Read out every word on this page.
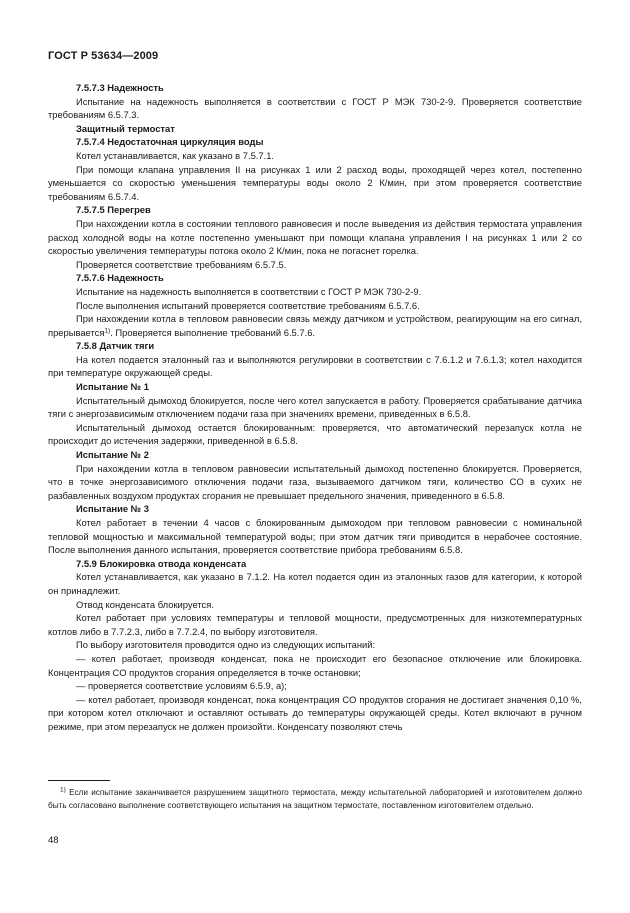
ГОСТ Р 53634—2009

7.5.7.3 Надежность

Испытание на надежность выполняется в соответствии с ГОСТ Р МЭК 730-2-9. Проверяется соответствие требованиям 6.5.7.3.

Защитный термостат

7.5.7.4 Недостаточная циркуляция воды

Котел устанавливается, как указано в 7.5.7.1.

При помощи клапана управления II на рисунках 1 или 2 расход воды, проходящей через котел, постепенно уменьшается со скоростью уменьшения температуры воды около 2 К/мин, при этом проверяется соответствие требованиям 6.5.7.4.

7.5.7.5 Перегрев

При нахождении котла в состоянии теплового равновесия и после выведения из действия термостата управления расход холодной воды на котле постепенно уменьшают при помощи клапана управления I на рисунках 1 или 2 со скоростью увеличения температуры потока около 2 К/мин, пока не погаснет горелка.

Проверяется соответствие требованиям 6.5.7.5.

7.5.7.6 Надежность

Испытание на надежность выполняется в соответствии с ГОСТ Р МЭК 730-2-9.

После выполнения испытаний проверяется соответствие требованиям 6.5.7.6.

При нахождении котла в тепловом равновесии связь между датчиком и устройством, реагирующим на его сигнал, прерывается$^{1)}$. Проверяется выполнение требований 6.5.7.6.

7.5.8 Датчик тяги

На котел подается эталонный газ и выполняются регулировки в соответствии с 7.6.1.2 и 7.6.1.3; котел находится при температуре окружающей среды.

Испытание № 1

Испытательный дымоход блокируется, после чего котел запускается в работу. Проверяется срабатывание датчика тяги с энергозависимым отключением подачи газа при значениях времени, приведенных в 6.5.8.

Испытательный дымоход остается блокированным: проверяется, что автоматический перезапуск котла не происходит до истечения задержки, приведенной в 6.5.8.

Испытание № 2

При нахождении котла в тепловом равновесии испытательный дымоход постепенно блокируется. Проверяется, что в точке энергозависимого отключения подачи газа, вызываемого датчиком тяги, количество CO в сухих не разбавленных воздухом продуктах сгорания не превышает предельного значения, приведенного в 6.5.8.

Испытание № 3

Котел работает в течении 4 часов с блокированным дымоходом при тепловом равновесии с номинальной тепловой мощностью и максимальной температурой воды; при этом датчик тяги приводится в нерабочее состояние. После выполнения данного испытания, проверяется соответствие прибора требованиям 6.5.8.

7.5.9 Блокировка отвода конденсата

Котел устанавливается, как указано в 7.1.2. На котел подается один из эталонных газов для категории, к которой он принадлежит.

Отвод конденсата блокируется.

Котел работает при условиях температуры и тепловой мощности, предусмотренных для низкотемпературных котлов либо в 7.7.2.3, либо в 7.7.2.4, по выбору изготовителя.

По выбору изготовителя проводится одно из следующих испытаний:

— котел работает, производя конденсат, пока не происходит его безопасное отключение или блокировка. Концентрация CO продуктов сгорания определяется в точке остановки;

— проверяется соответствие условиям 6.5.9, а);

— котел работает, производя конденсат, пока концентрация CO продуктов сгорания не достигает значения 0,10 %, при котором котел отключают и оставляют остывать до температуры окружающей среды. Котел включают в ручном режиме, при этом перезапуск не должен произойти. Конденсату позволяют стечь

$^{1)}$ Если испытание заканчивается разрушением защитного термостата, между испытательной лабораторией и изготовителем должно быть согласовано выполнение соответствующего испытания на защитном термостате, поставленном изготовителем отдельно.

48
